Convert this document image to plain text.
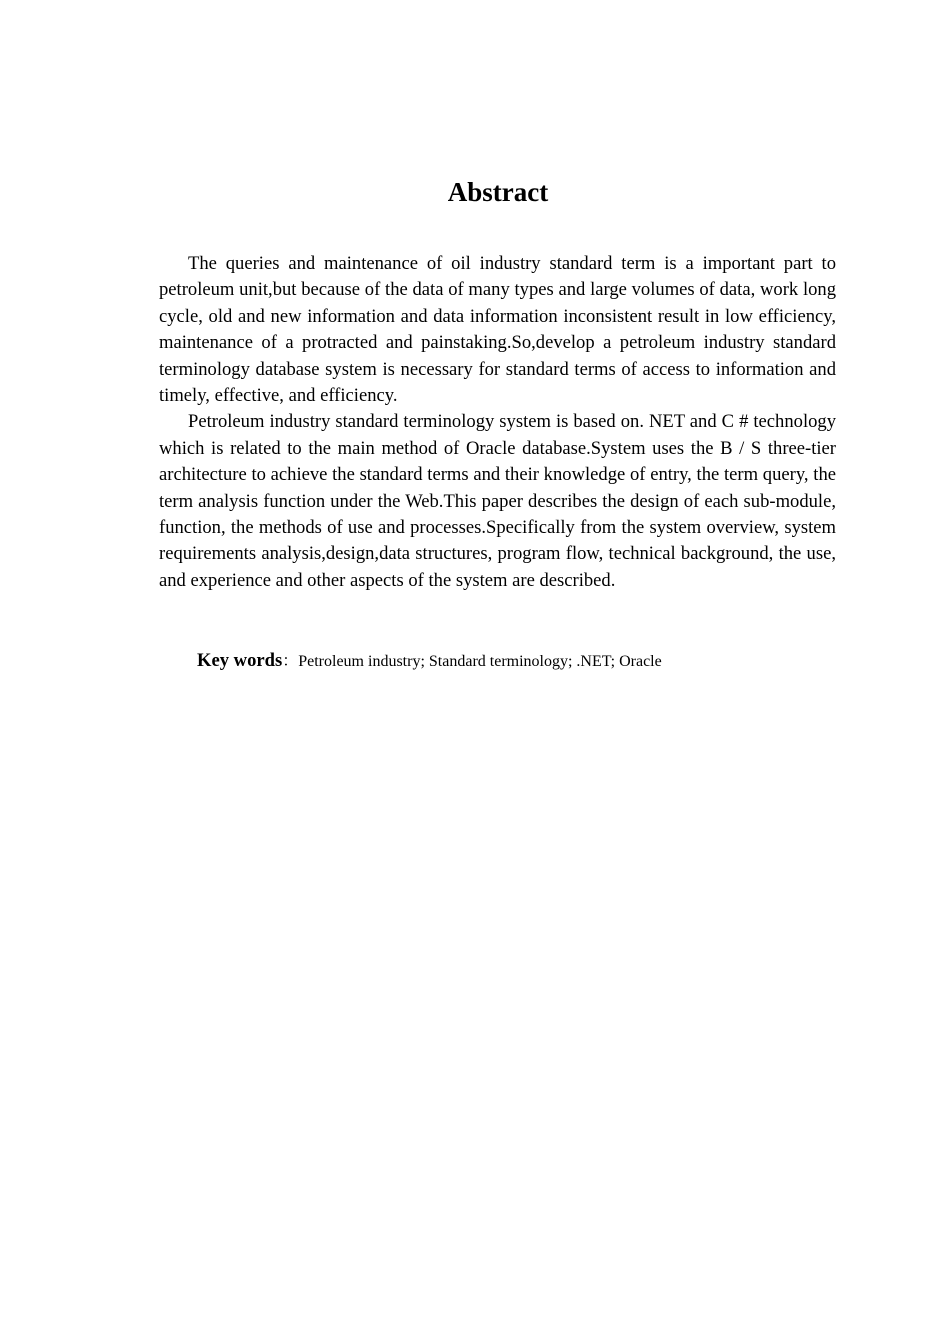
Abstract

The queries and maintenance of oil industry standard term is a important part to petroleum unit,but because of the data of many types and large volumes of data, work long cycle, old and new information and data information inconsistent result in low efficiency, maintenance of a protracted and painstaking.So,develop a petroleum industry standard terminology database system is necessary for standard terms of access to information and timely, effective, and efficiency.

Petroleum industry standard terminology system is based on. NET and C # technology which is related to the main method of Oracle database.System uses the B / S three-tier architecture to achieve the standard terms and their knowledge of entry, the term query, the term analysis function under the Web.This paper describes the design of each sub-module, function, the methods of use and processes.Specifically from the system overview, system requirements analysis,design,data structures, program flow, technical background, the use, and experience and other aspects of the system are described.

Key words：Petroleum industry; Standard terminology; .NET; Oracle
